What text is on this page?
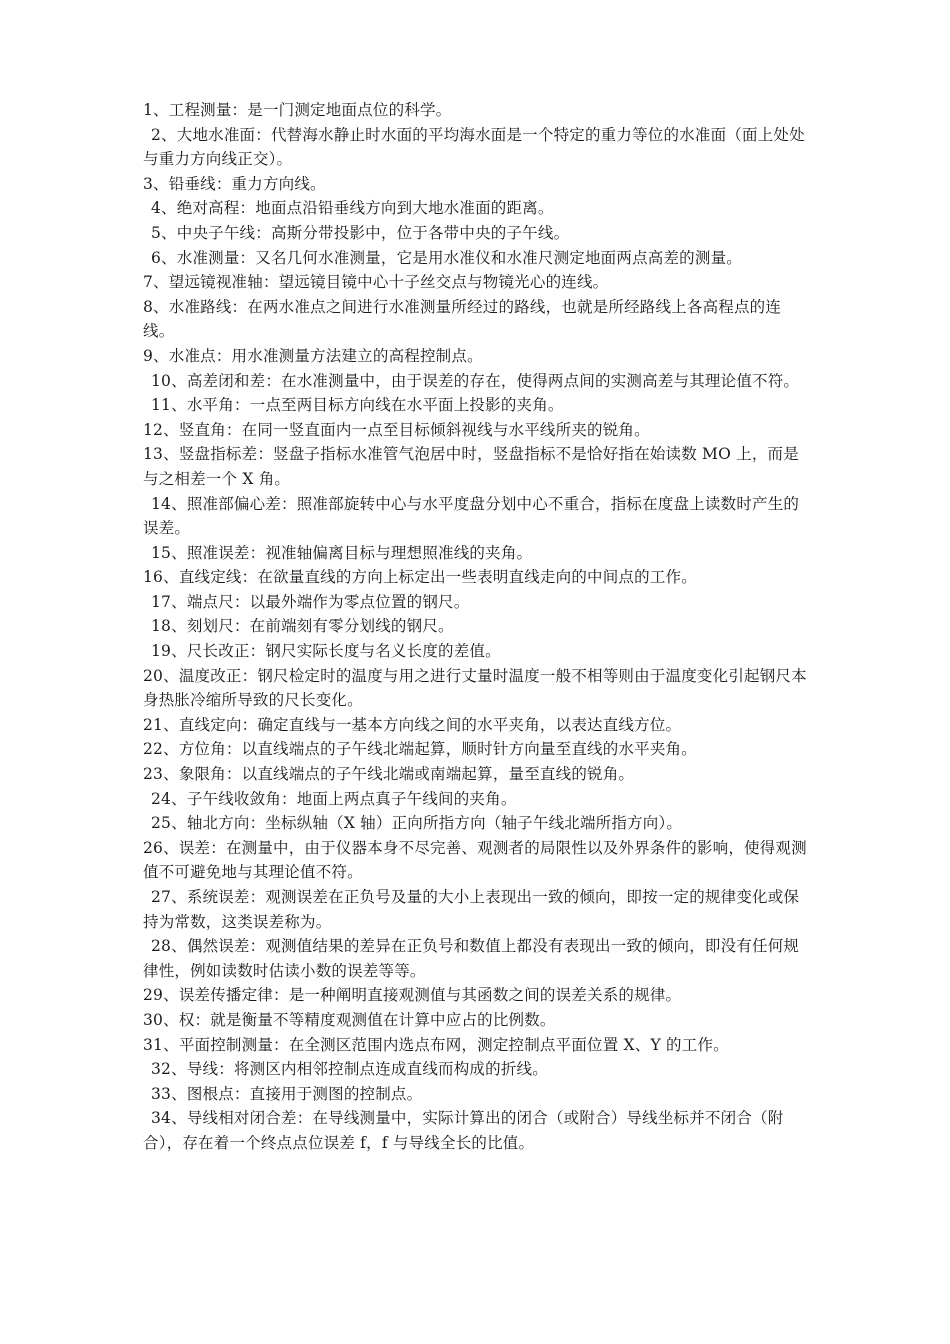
1、工程测量：是一门测定地面点位的科学。

2、大地水准面：代替海水静止时水面的平均海水面是一个特定的重力等位的水准面（面上处处与重力方向线正交）。

3、铅垂线：重力方向线。

4、绝对高程：地面点沿铅垂线方向到大地水准面的距离。

5、中央子午线：高斯分带投影中，位于各带中央的子午线。

6、水准测量：又名几何水准测量，它是用水准仪和水准尺测定地面两点高差的测量。

7、望远镜视准轴：望远镜目镜中心十子丝交点与物镜光心的连线。

8、水准路线：在两水准点之间进行水准测量所经过的路线，也就是所经路线上各高程点的连线。

9、水准点：用水准测量方法建立的高程控制点。

10、高差闭和差：在水准测量中，由于误差的存在，使得两点间的实测高差与其理论值不符。

11、水平角：一点至两目标方向线在水平面上投影的夹角。

12、竖直角：在同一竖直面内一点至目标倾斜视线与水平线所夹的锐角。

13、竖盘指标差：竖盘子指标水准管气泡居中时，竖盘指标不是恰好指在始读数 MO 上，而是与之相差一个 X 角。

14、照准部偏心差：照准部旋转中心与水平度盘分划中心不重合，指标在度盘上读数时产生的误差。

15、照准误差：视准轴偏离目标与理想照准线的夹角。

16、直线定线：在欲量直线的方向上标定出一些表明直线走向的中间点的工作。

17、端点尺：以最外端作为零点位置的钢尺。

18、刻划尺：在前端刻有零分划线的钢尺。

19、尺长改正：钢尺实际长度与名义长度的差值。

20、温度改正：钢尺检定时的温度与用之进行丈量时温度一般不相等则由于温度变化引起钢尺本身热胀冷缩所导致的尺长变化。

21、直线定向：确定直线与一基本方向线之间的水平夹角，以表达直线方位。

22、方位角：以直线端点的子午线北端起算，顺时针方向量至直线的水平夹角。

23、象限角：以直线端点的子午线北端或南端起算，量至直线的锐角。

24、子午线收敛角：地面上两点真子午线间的夹角。

25、轴北方向：坐标纵轴（X 轴）正向所指方向（轴子午线北端所指方向）。

26、误差：在测量中，由于仪器本身不尽完善、观测者的局限性以及外界条件的影响，使得观测值不可避免地与其理论值不符。

27、系统误差：观测误差在正负号及量的大小上表现出一致的倾向，即按一定的规律变化或保持为常数，这类误差称为。

28、偶然误差：观测值结果的差异在正负号和数值上都没有表现出一致的倾向，即没有任何规律性，例如读数时估读小数的误差等等。

29、误差传播定律：是一种阐明直接观测值与其函数之间的误差关系的规律。

30、权：就是衡量不等精度观测值在计算中应占的比例数。

31、平面控制测量：在全测区范围内选点布网，测定控制点平面位置 X、Y 的工作。

32、导线：将测区内相邻控制点连成直线而构成的折线。

33、图根点：直接用于测图的控制点。

34、导线相对闭合差：在导线测量中，实际计算出的闭合（或附合）导线坐标并不闭合（附合），存在着一个终点点位误差 f，f 与导线全长的比值。
